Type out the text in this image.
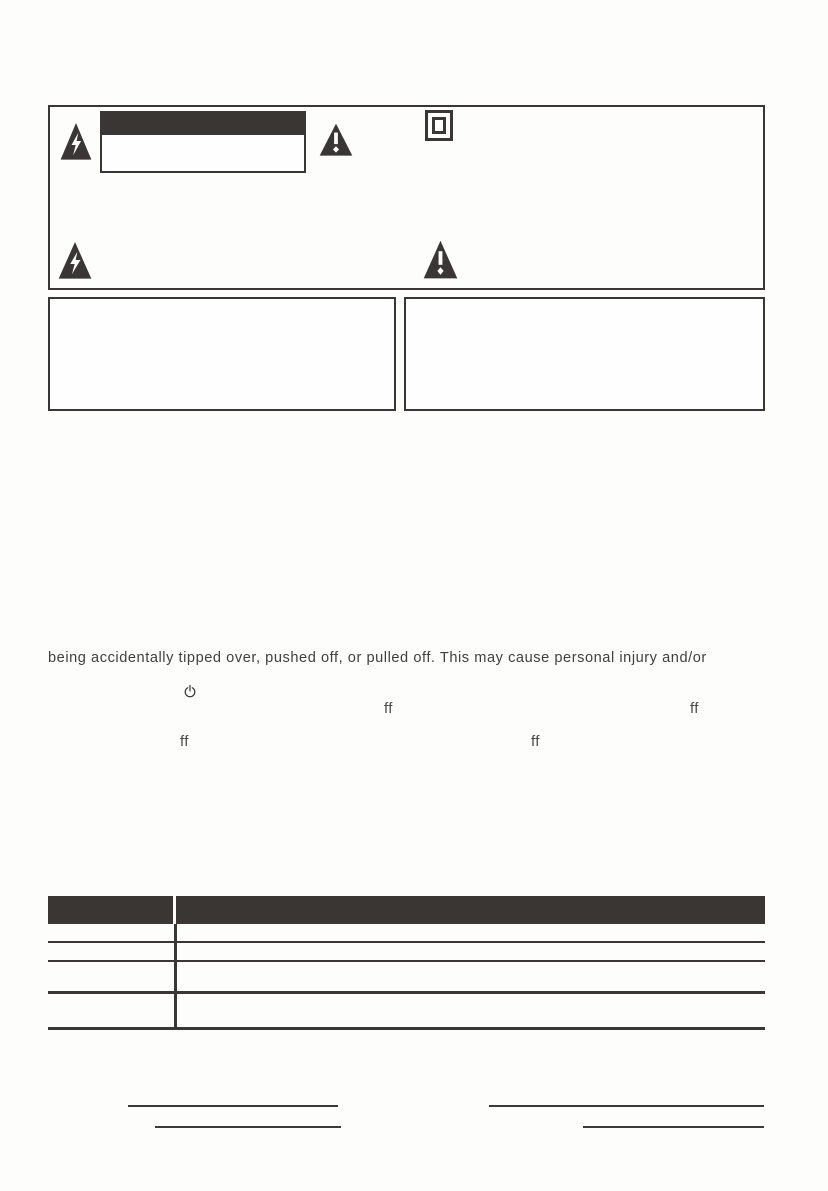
being accidentally tipped over, pushed off, or pulled off. This may cause personal injury and/or
ff	ff
ff	ff
